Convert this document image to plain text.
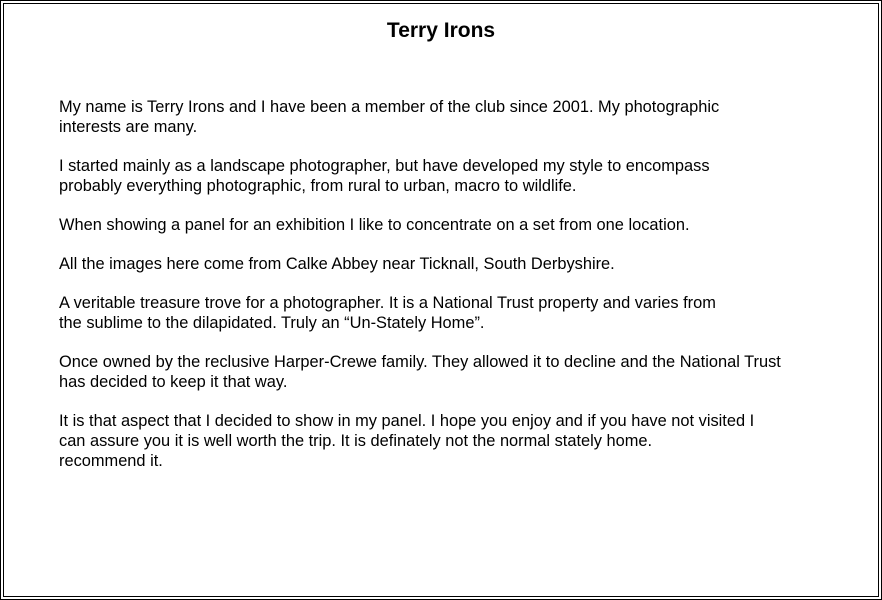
Terry Irons

My name is Terry Irons and I have been a member of the club since 2001. My photographic
interests are many.

I started mainly as a landscape photographer, but have developed my style to encompass
probably everything photographic, from rural to urban, macro to wildlife.

When showing a panel for an exhibition I like to concentrate on a set from one location.

All the images here come from Calke Abbey near Ticknall, South Derbyshire.

A veritable treasure trove for a photographer. It is a National Trust property and varies from
the sublime to the dilapidated. Truly an “Un-Stately Home”.

Once owned by the reclusive Harper-Crewe family. They allowed it to decline and the National Trust
has decided to keep it that way.

It is that aspect that I decided to show in my panel. I hope you enjoy and if you have not visited I
can assure you it is well worth the trip. It is definately not the normal stately home.
recommend it.
